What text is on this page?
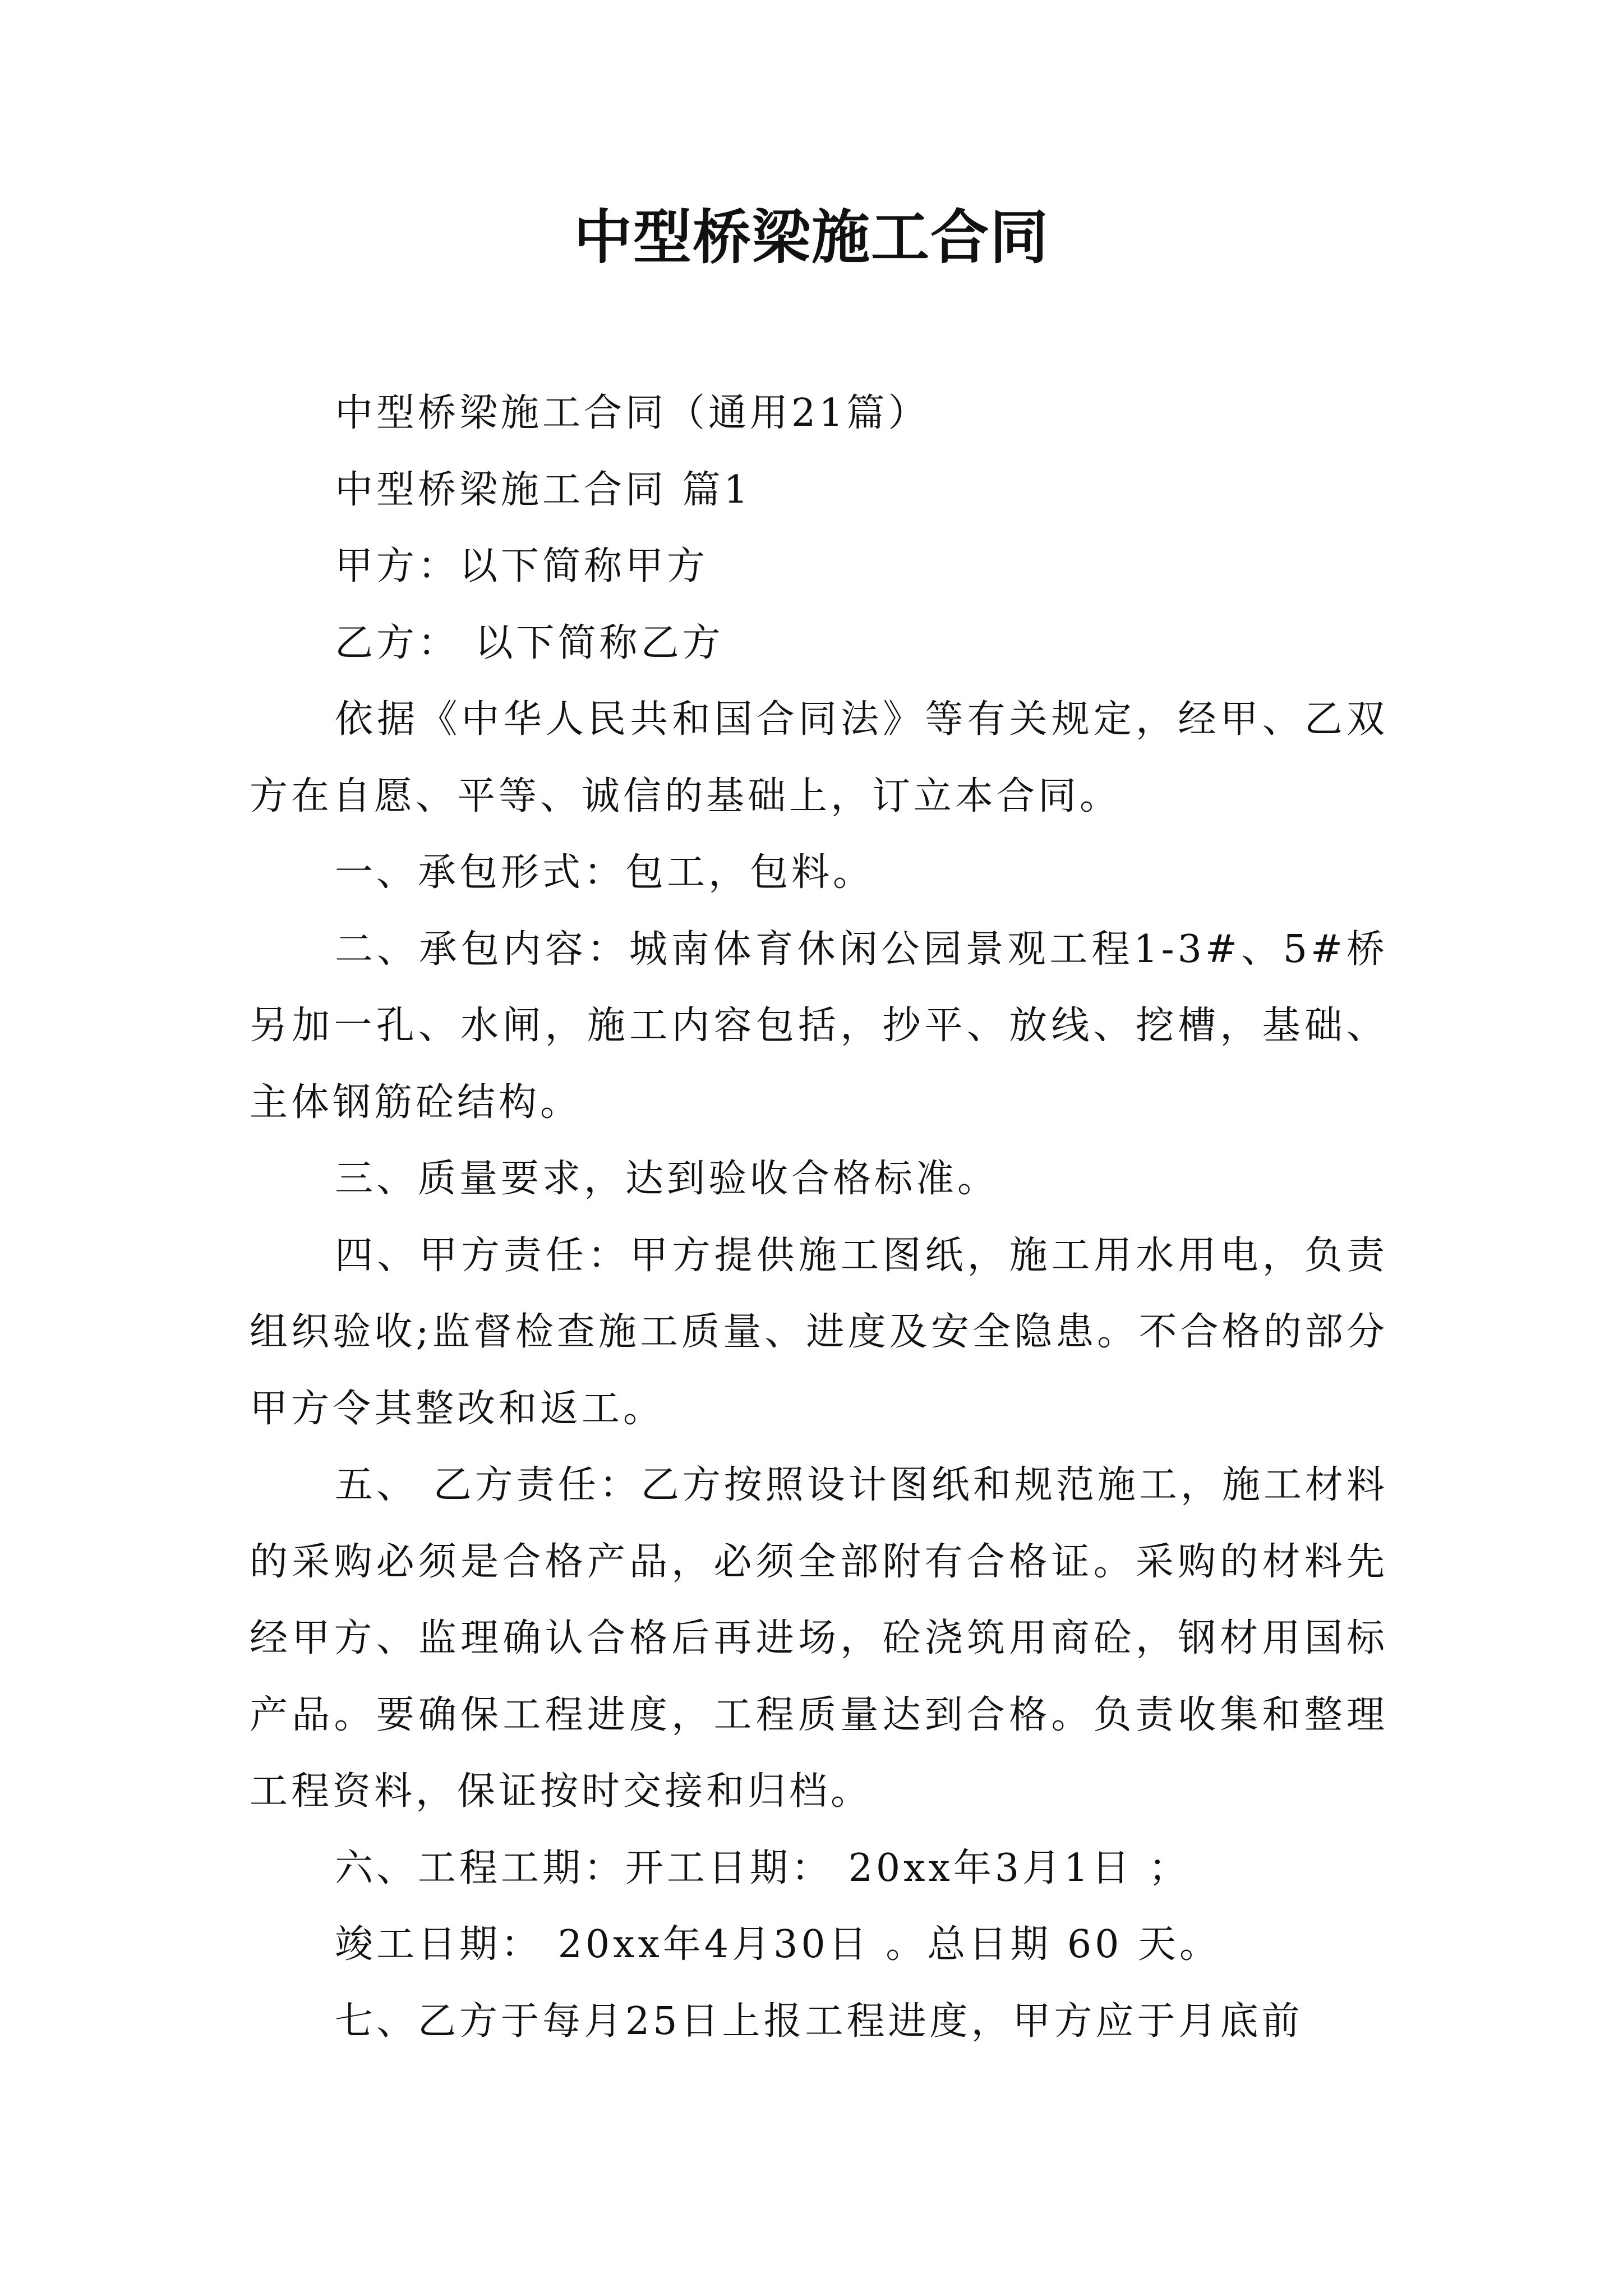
中型桥梁施工合同

中型桥梁施工合同（通用21篇）

中型桥梁施工合同 篇1

甲方：以下简称甲方

乙方： 以下简称乙方

依据《中华人民共和国合同法》等有关规定，经甲、乙双方在自愿、平等、诚信的基础上，订立本合同。

一、承包形式：包工，包料。

二、承包内容：城南体育休闲公园景观工程1-3#、5#桥另加一孔、水闸，施工内容包括，抄平、放线、挖槽，基础、主体钢筋砼结构。

三、质量要求，达到验收合格标准。

四、甲方责任：甲方提供施工图纸，施工用水用电，负责组织验收;监督检查施工质量、进度及安全隐患。不合格的部分甲方令其整改和返工。

五、 乙方责任：乙方按照设计图纸和规范施工，施工材料的采购必须是合格产品，必须全部附有合格证。采购的材料先经甲方、监理确认合格后再进场，砼浇筑用商砼，钢材用国标产品。要确保工程进度，工程质量达到合格。负责收集和整理工程资料，保证按时交接和归档。

六、工程工期：开工日期： 20xx年3月1日 ；

竣工日期： 20xx年4月30日 。总日期 60 天。

七、乙方于每月25日上报工程进度，甲方应于月底前
